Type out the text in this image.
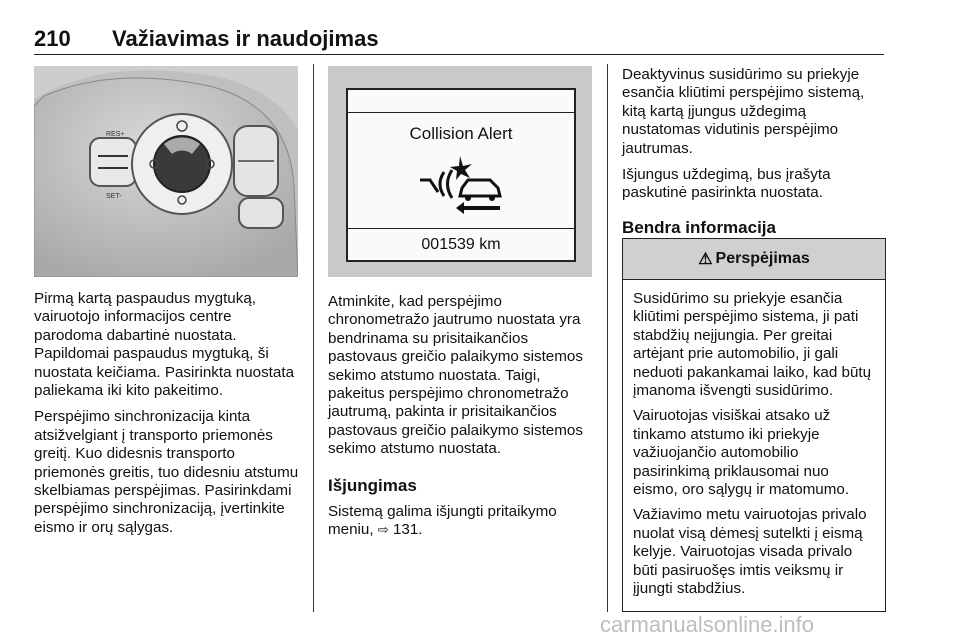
210 Važiavimas ir naudojimas
RES+
SET-
Collision Alert
001539 km

Pirmą kartą paspaudus mygtuką, vairuotojo informacijos centre parodoma dabartinė nuostata. Papildomai paspaudus mygtuką, ši nuostata keičiama. Pasirinkta nuostata paliekama iki kito pakeitimo.

Perspėjimo sinchronizacija kinta atsižvelgiant į transporto priemonės greitį. Kuo didesnis transporto priemonės greitis, tuo didesniu atstumu skelbiamas perspėjimas. Pasirinkdami perspėjimo sinchronizaciją, įvertinkite eismo ir orų sąlygas.

Atminkite, kad perspėjimo chronometražo jautrumo nuostata yra bendrinama su prisitaikančios pastovaus greičio palaikymo sistemos sekimo atstumo nuostata. Taigi, pakeitus perspėjimo chronometražo jautrumą, pakinta ir prisitaikančios pastovaus greičio palaikymo sistemos sekimo atstumo nuostata.

Išjungimas

Sistemą galima išjungti pritaikymo meniu, ⇨ 131.

Deaktyvinus susidūrimo su priekyje esančia kliūtimi perspėjimo sistemą, kitą kartą įjungus uždegimą nustatomas vidutinis perspėjimo jautrumas.

Išjungus uždegimą, bus įrašyta paskutinė pasirinkta nuostata.

Bendra informacija
⚠ Perspėjimas

Susidūrimo su priekyje esančia kliūtimi perspėjimo sistema, ji pati stabdžių neįjungia. Per greitai artėjant prie automobilio, ji gali neduoti pakankamai laiko, kad būtų įmanoma išvengti susidūrimo.

Vairuotojas visiškai atsako už tinkamo atstumo iki priekyje važiuojančio automobilio pasirinkimą priklausomai nuo eismo, oro sąlygų ir matomumo.

Važiavimo metu vairuotojas privalo nuolat visą dėmesį sutelkti į eismą kelyje. Vairuotojas visada privalo būti pasiruošęs imtis veiksmų ir įjungti stabdžius.

carmanualsonline.info
